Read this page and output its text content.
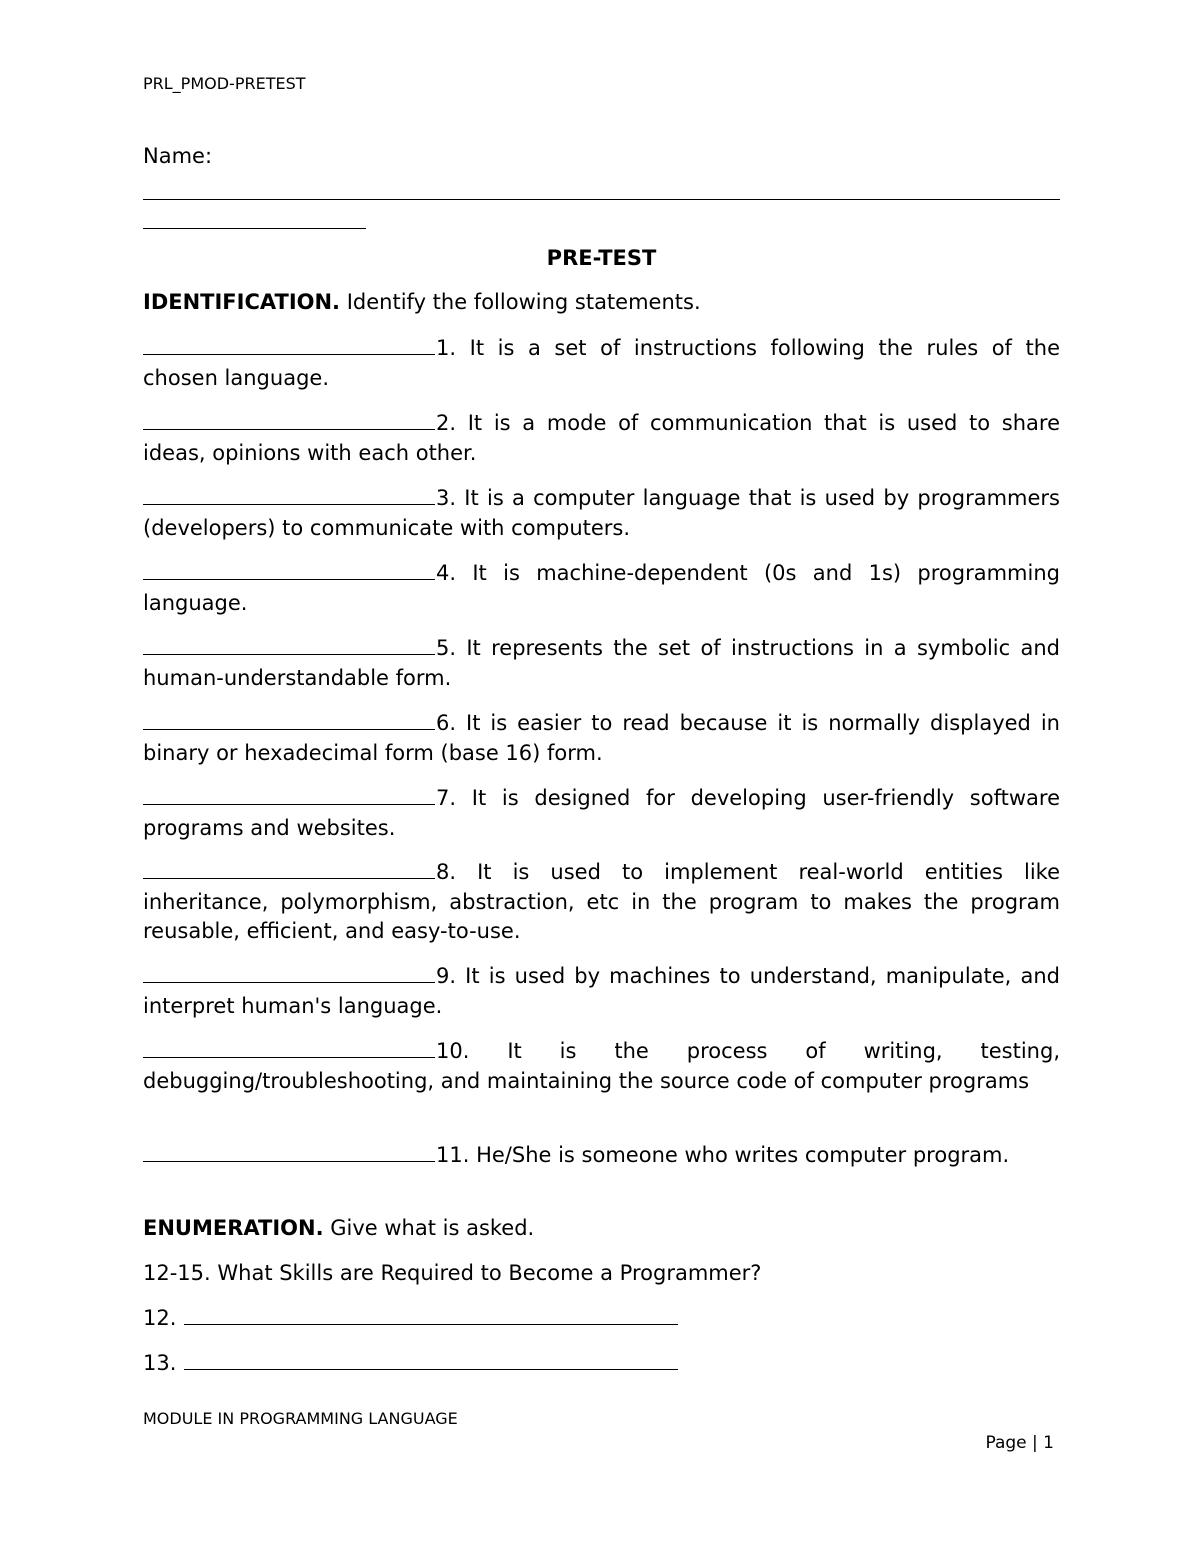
PRL_PMOD-PRETEST
Name:
PRE-TEST
IDENTIFICATION. Identify the following statements.
1. It is a set of instructions following the rules of the chosen language.
2. It is a mode of communication that is used to share ideas, opinions with each other.
3. It is a computer language that is used by programmers (developers) to communicate with computers.
4. It is machine-dependent (0s and 1s) programming language.
5. It represents the set of instructions in a symbolic and human-understandable form.
6. It is easier to read because it is normally displayed in binary or hexadecimal form (base 16) form.
7. It is designed for developing user-friendly software programs and websites.
8. It is used to implement real-world entities like inheritance, polymorphism, abstraction, etc in the program to makes the program reusable, efficient, and easy-to-use.
9. It is used by machines to understand, manipulate, and interpret human's language.
10. It is the process of writing, testing, debugging/troubleshooting, and maintaining the source code of computer programs
11. He/She is someone who writes computer program.
ENUMERATION. Give what is asked.
12-15. What Skills are Required to Become a Programmer?
12.
13.
MODULE IN PROGRAMMING LANGUAGE
Page | 1
